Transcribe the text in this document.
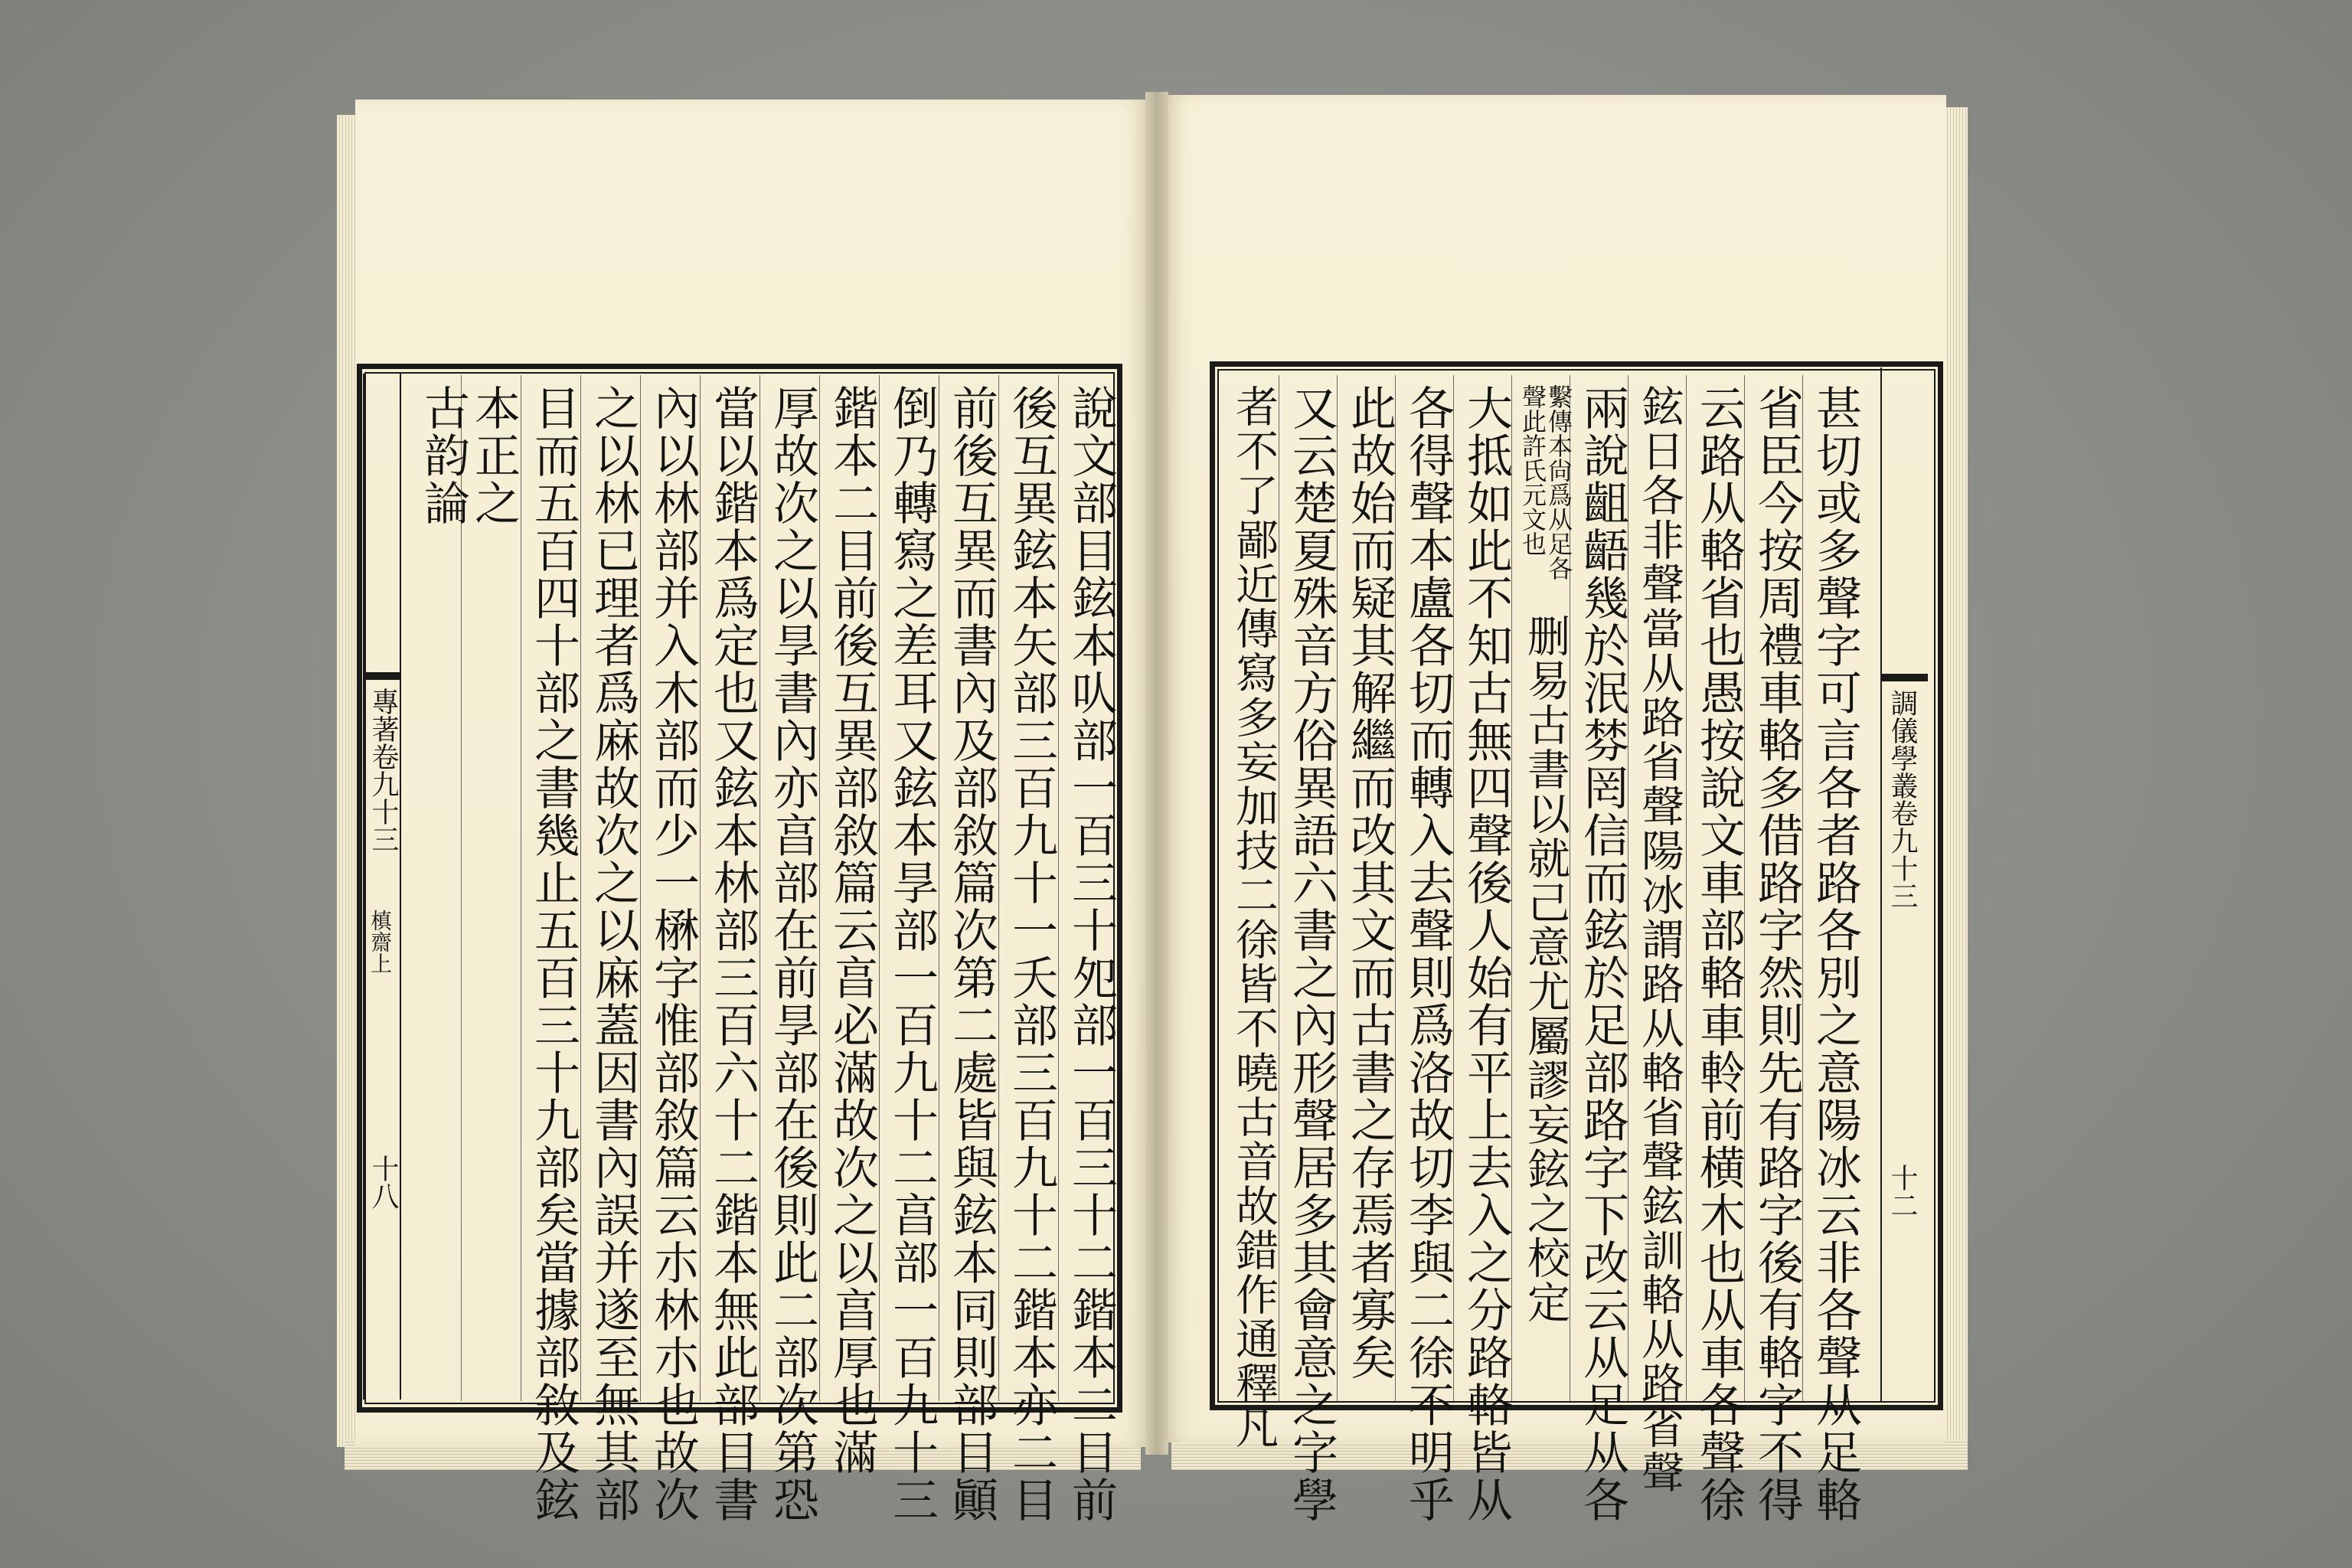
專著卷九十三
槙齋上
十八	說文部目鉉本㕥部一百三十夗部一百三十二鍇本二目前
後互異鉉本矢部三百九十一夭部三百九十二鍇本亦二目
前後互異而書內及部敘篇次第二處皆與鉉本同則部目顚
倒乃轉寫之差耳又鉉本㫗部一百九十二亯部一百九十三
鍇本二目前後互異部敘篇云亯必滿故次之以亯厚也滿
厚故次之以㫗書內亦亯部在前㫗部在後則此二部次第恐
當以鍇本爲定也又鉉本林部三百六十二鍇本無此部目書
內以林部并入木部而少一楙字惟部敘篇云朩林朩也故次
之以林已理者爲麻故次之以麻蓋因書內誤并遂至無其部
目而五百四十部之書幾止五百三十九部矣當據部敘及鉉
本正之
古韵論
調儀學叢卷九十三
十二
甚切或多聲字可言各者路各別之意陽冰云非各聲从足輅
省臣今按周禮車輅多借路字然則先有路字後有輅字不得
云路从輅省也愚按說文車部輅車軨前横木也从車各聲徐
鉉日各非聲當从路省聲陽冰謂路从輅省聲鉉訓輅从路省聲
兩說齟齬幾於泯棼罔信而鉉於足部路字下改云从足从各
繫傳本尙爲从足各
聲此許氏元文也
删易古書以就己意尤屬謬妄鉉之校定
大抵如此不知古無四聲後人始有平上去入之分路輅皆从
各得聲本盧各切而轉入去聲則爲洛故切李與二徐不明乎
此故始而疑其解繼而改其文而古書之存焉者寡矣
又云楚夏殊音方俗異語六書之內形聲居多其會意之字學
者不了鄙近傳寫多妄加技二徐皆不曉古音故錯作通釋凡
